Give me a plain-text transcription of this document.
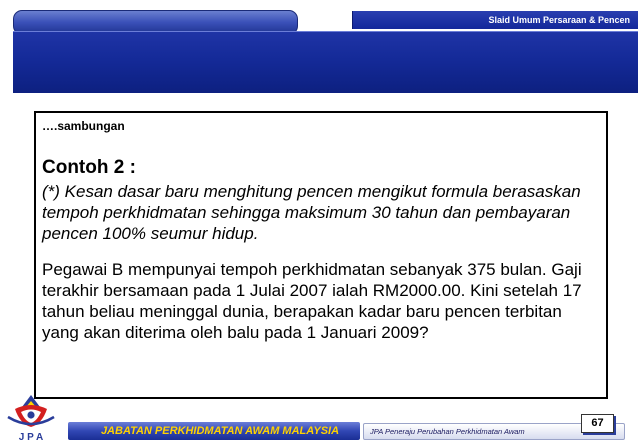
Slaid Umum Persaraan & Pencen
….sambungan
Contoh 2 :
(*) Kesan dasar baru menghitung pencen mengikut formula berasaskan tempoh perkhidmatan sehingga maksimum 30 tahun dan pembayaran pencen 100% seumur hidup.
Pegawai B mempunyai tempoh perkhidmatan sebanyak 375 bulan. Gaji terakhir bersamaan pada 1 Julai 2007 ialah RM2000.00. Kini setelah 17 tahun beliau meninggal dunia, berapakan kadar baru pencen terbitan yang akan diterima oleh balu pada 1 Januari 2009?
J P A
JABATAN PERKHIDMATAN AWAM MALAYSIA	JPA Peneraju Perubahan Perkhidmatan Awam
67
